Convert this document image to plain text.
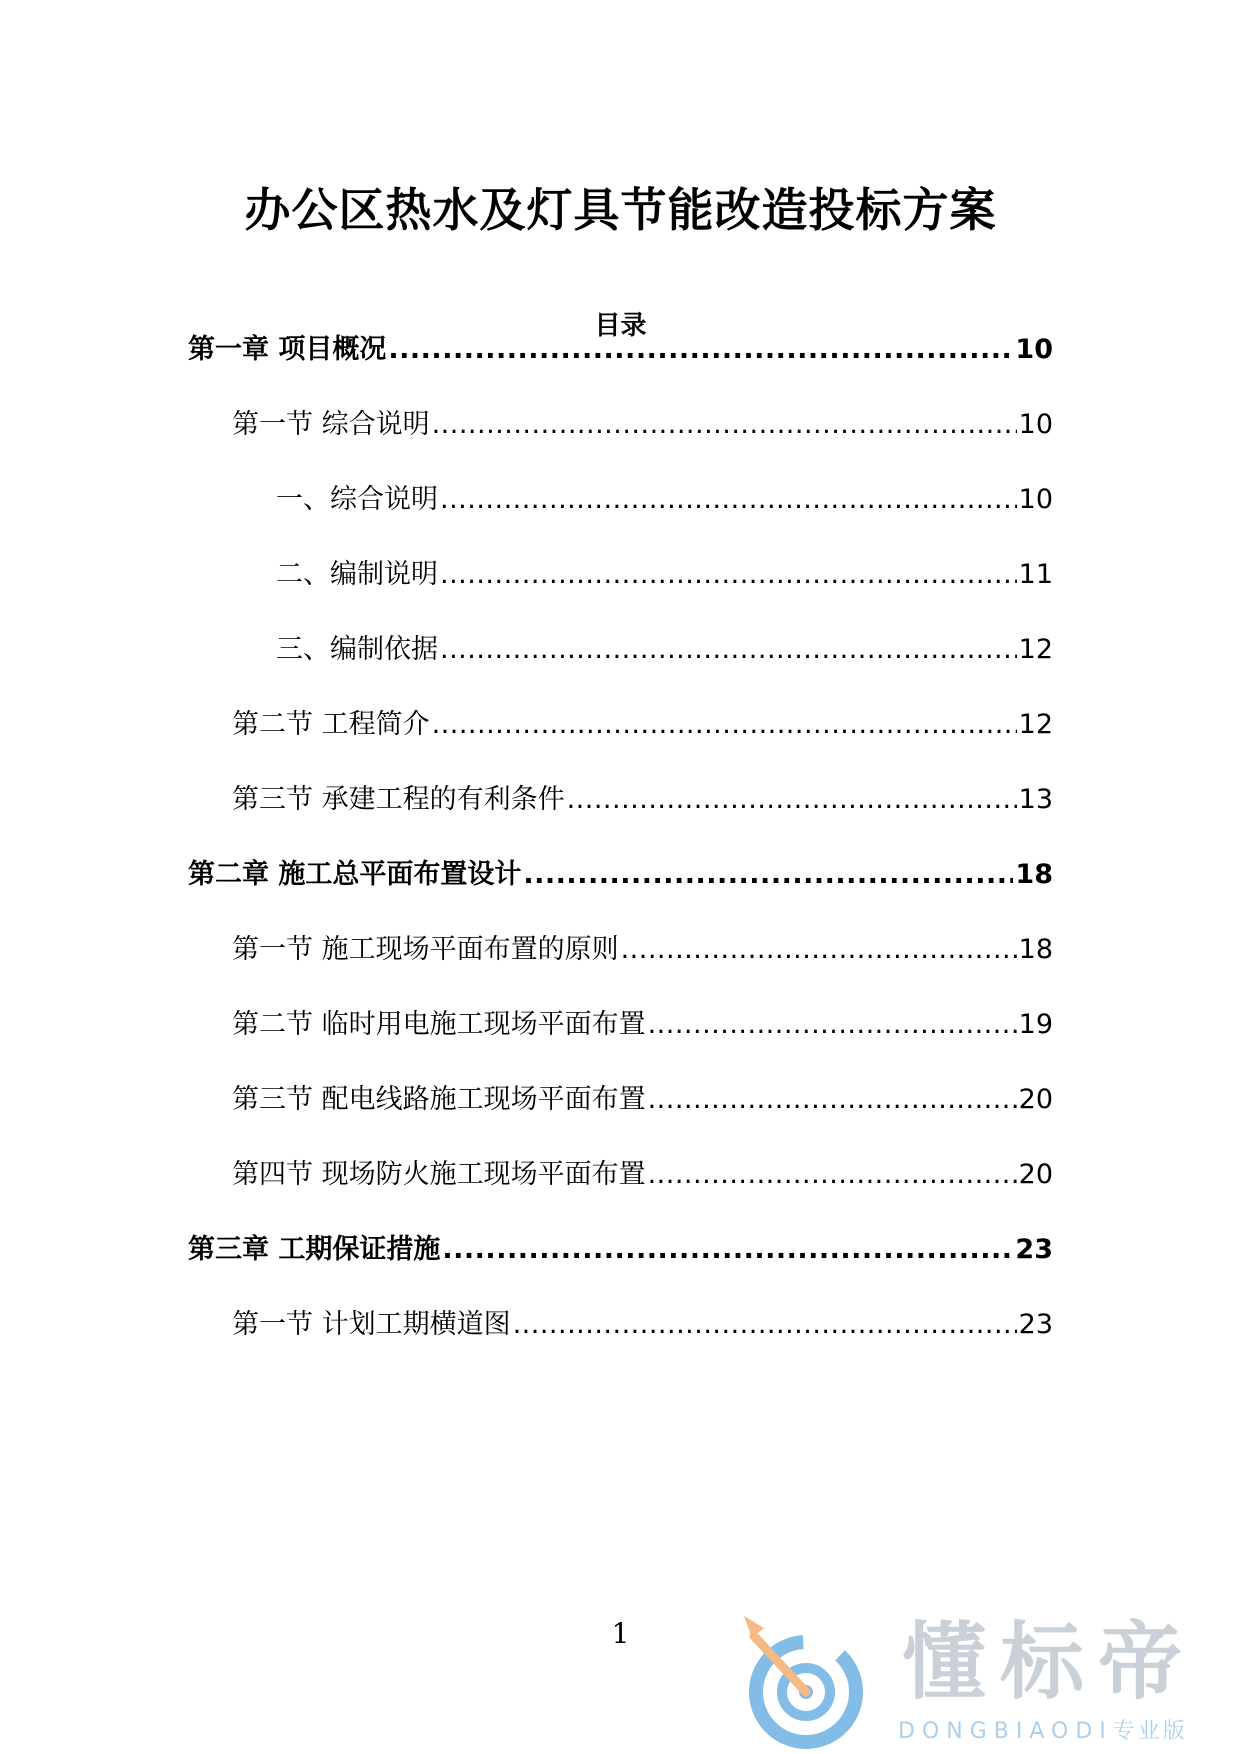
办公区热水及灯具节能改造投标方案
目录
第一章 项目概况 .....	10
第一节 综合说明 .....	10
一、综合说明 .....	10
二、编制说明 .....	11
三、编制依据 .....	12
第二节 工程简介 .....	12
第三节 承建工程的有利条件 .....	13
第二章 施工总平面布置设计 .....	18
第一节 施工现场平面布置的原则 .....	18
第二节 临时用电施工现场平面布置 .....	19
第三节 配电线路施工现场平面布置 .....	20
第四节 现场防火施工现场平面布置 .....	20
第三章 工期保证措施 .....	23
第一节 计划工期横道图 .....	23
1	懂标帝
DONGBIAODI专业版
